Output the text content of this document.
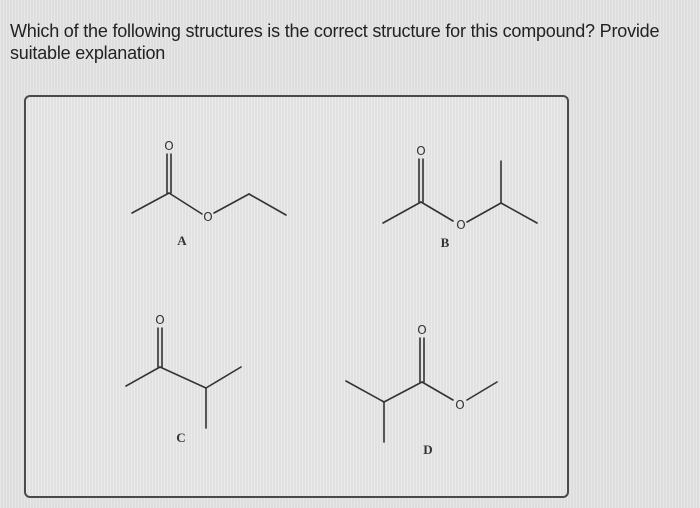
Which of the following structures is the correct structure for this compound? Provide suitable explanation

O
O
A
O
O
B
O
C
O
O
D
